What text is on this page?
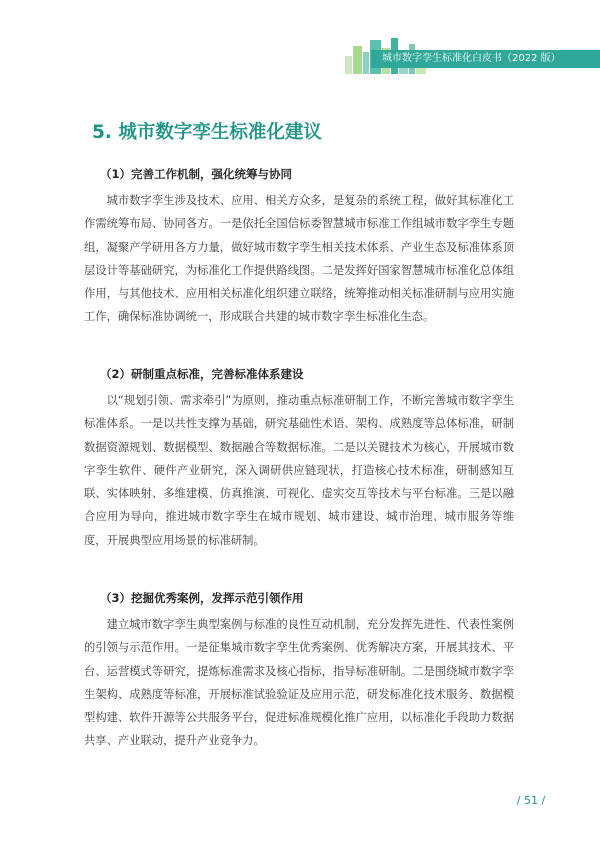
城市数字孪生标准化白皮书（2022 版）
5. 城市数字孪生标准化建议
（1）完善工作机制，强化统筹与协同

城市数字孪生涉及技术、应用、相关方众多，是复杂的系统工程，做好其标准化工作需统筹布局、协同各方。一是依托全国信标委智慧城市标准工作组城市数字孪生专题组，凝聚产学研用各方力量，做好城市数字孪生相关技术体系、产业生态及标准体系顶层设计等基础研究，为标准化工作提供路线图。二是发挥好国家智慧城市标准化总体组作用，与其他技术、应用相关标准化组织建立联络，统筹推动相关标准研制与应用实施工作，确保标准协调统一，形成联合共建的城市数字孪生标准化生态。

（2）研制重点标准，完善标准体系建设

以“规划引领、需求牵引”为原则，推动重点标准研制工作，不断完善城市数字孪生标准体系。一是以共性支撑为基础，研究基础性术语、架构、成熟度等总体标准，研制数据资源规划、数据模型、数据融合等数据标准。二是以关键技术为核心，开展城市数字孪生软件、硬件产业研究，深入调研供应链现状，打造核心技术标准，研制感知互联、实体映射、多维建模、仿真推演、可视化、虚实交互等技术与平台标准。三是以融合应用为导向，推进城市数字孪生在城市规划、城市建设、城市治理、城市服务等维度，开展典型应用场景的标准研制。

（3）挖掘优秀案例，发挥示范引领作用

建立城市数字孪生典型案例与标准的良性互动机制，充分发挥先进性、代表性案例的引领与示范作用。一是征集城市数字孪生优秀案例、优秀解决方案，开展其技术、平台、运营模式等研究，提炼标准需求及核心指标，指导标准研制。二是围绕城市数字孪生架构、成熟度等标准，开展标准试验验证及应用示范，研发标准化技术服务、数据模型构建、软件开源等公共服务平台，促进标准规模化推广应用，以标准化手段助力数据共享、产业联动，提升产业竞争力。

/ 51 /
